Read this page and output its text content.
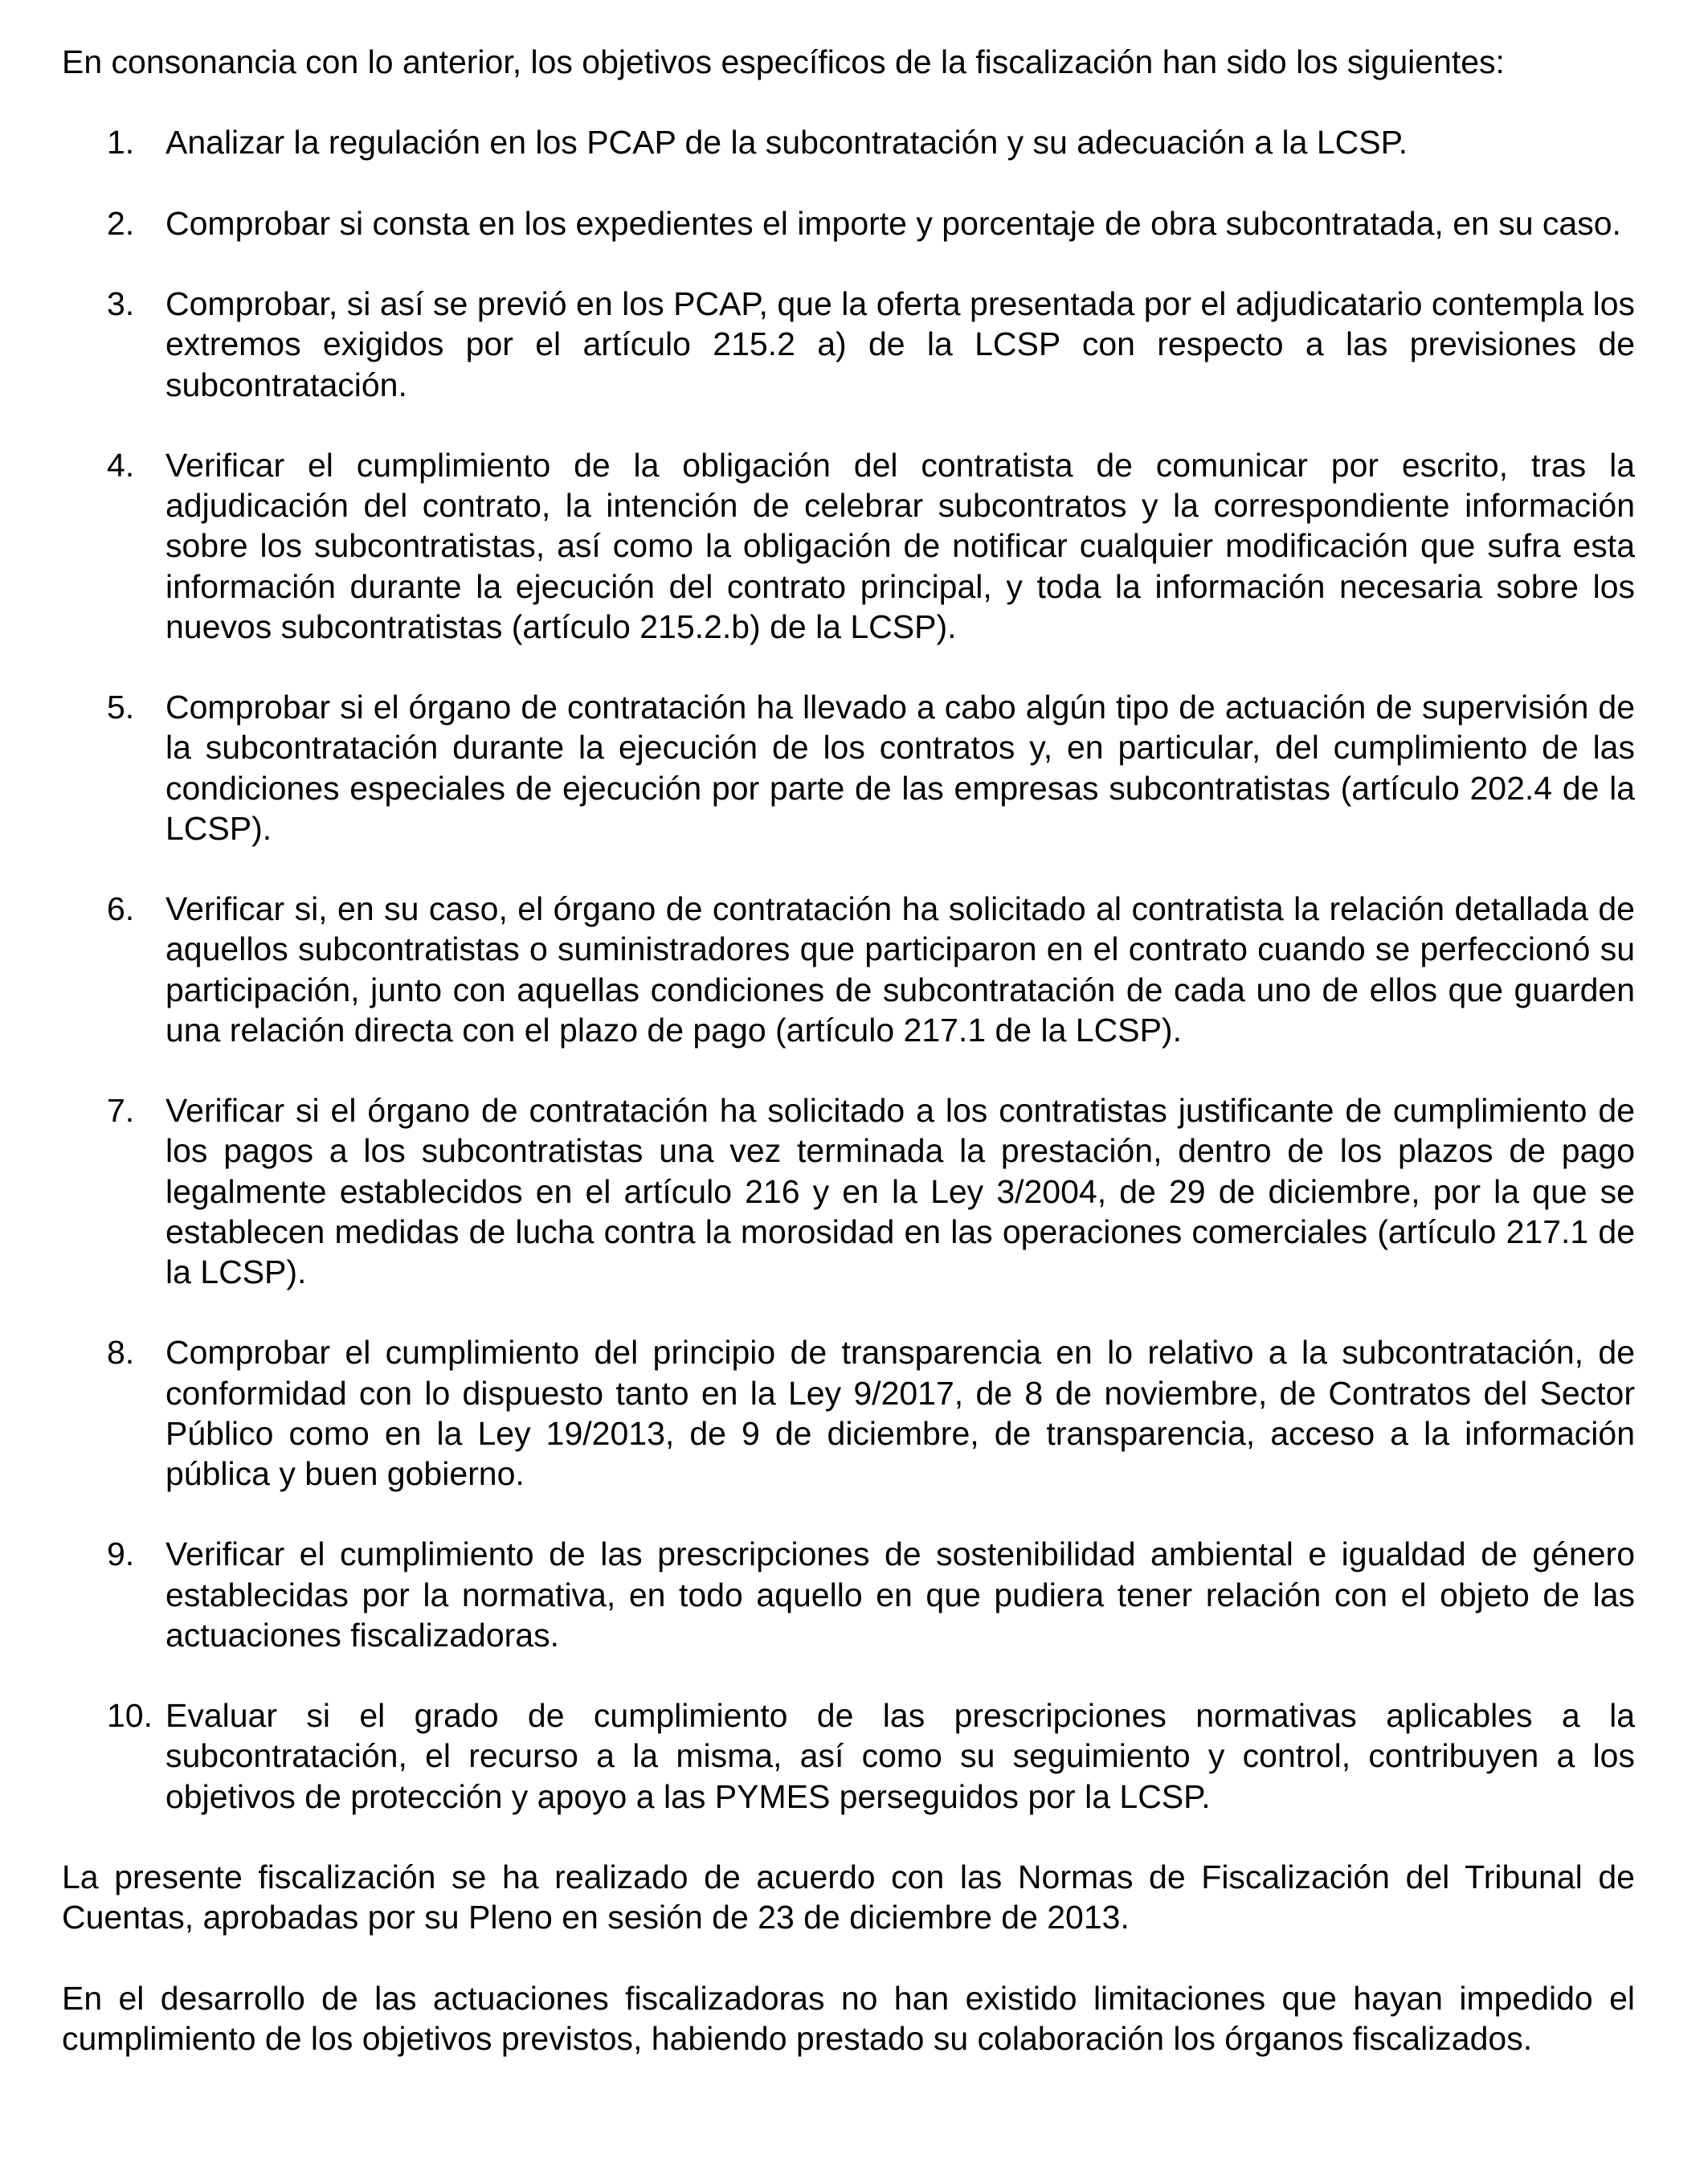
En consonancia con lo anterior, los objetivos específicos de la fiscalización han sido los siguientes:

1. Analizar la regulación en los PCAP de la subcontratación y su adecuación a la LCSP.
2. Comprobar si consta en los expedientes el importe y porcentaje de obra subcontratada, en su caso.
3. Comprobar, si así se previó en los PCAP, que la oferta presentada por el adjudicatario contempla los extremos exigidos por el artículo 215.2 a) de la LCSP con respecto a las previsiones de subcontratación.
4. Verificar el cumplimiento de la obligación del contratista de comunicar por escrito, tras la adjudicación del contrato, la intención de celebrar subcontratos y la correspondiente información sobre los subcontratistas, así como la obligación de notificar cualquier modificación que sufra esta información durante la ejecución del contrato principal, y toda la información necesaria sobre los nuevos subcontratistas (artículo 215.2.b) de la LCSP).
5. Comprobar si el órgano de contratación ha llevado a cabo algún tipo de actuación de supervisión de la subcontratación durante la ejecución de los contratos y, en particular, del cumplimiento de las condiciones especiales de ejecución por parte de las empresas subcontratistas (artículo 202.4 de la LCSP).
6. Verificar si, en su caso, el órgano de contratación ha solicitado al contratista la relación detallada de aquellos subcontratistas o suministradores que participaron en el contrato cuando se perfeccionó su participación, junto con aquellas condiciones de subcontratación de cada uno de ellos que guarden una relación directa con el plazo de pago (artículo 217.1 de la LCSP).
7. Verificar si el órgano de contratación ha solicitado a los contratistas justificante de cumplimiento de los pagos a los subcontratistas una vez terminada la prestación, dentro de los plazos de pago legalmente establecidos en el artículo 216 y en la Ley 3/2004, de 29 de diciembre, por la que se establecen medidas de lucha contra la morosidad en las operaciones comerciales (artículo 217.1 de la LCSP).
8. Comprobar el cumplimiento del principio de transparencia en lo relativo a la subcontratación, de conformidad con lo dispuesto tanto en la Ley 9/2017, de 8 de noviembre, de Contratos del Sector Público como en la Ley 19/2013, de 9 de diciembre, de transparencia, acceso a la información pública y buen gobierno.
9. Verificar el cumplimiento de las prescripciones de sostenibilidad ambiental e igualdad de género establecidas por la normativa, en todo aquello en que pudiera tener relación con el objeto de las actuaciones fiscalizadoras.
10. Evaluar si el grado de cumplimiento de las prescripciones normativas aplicables a la subcontratación, el recurso a la misma, así como su seguimiento y control, contribuyen a los objetivos de protección y apoyo a las PYMES perseguidos por la LCSP.

La presente fiscalización se ha realizado de acuerdo con las Normas de Fiscalización del Tribunal de Cuentas, aprobadas por su Pleno en sesión de 23 de diciembre de 2013.

En el desarrollo de las actuaciones fiscalizadoras no han existido limitaciones que hayan impedido el cumplimiento de los objetivos previstos, habiendo prestado su colaboración los órganos fiscalizados.
